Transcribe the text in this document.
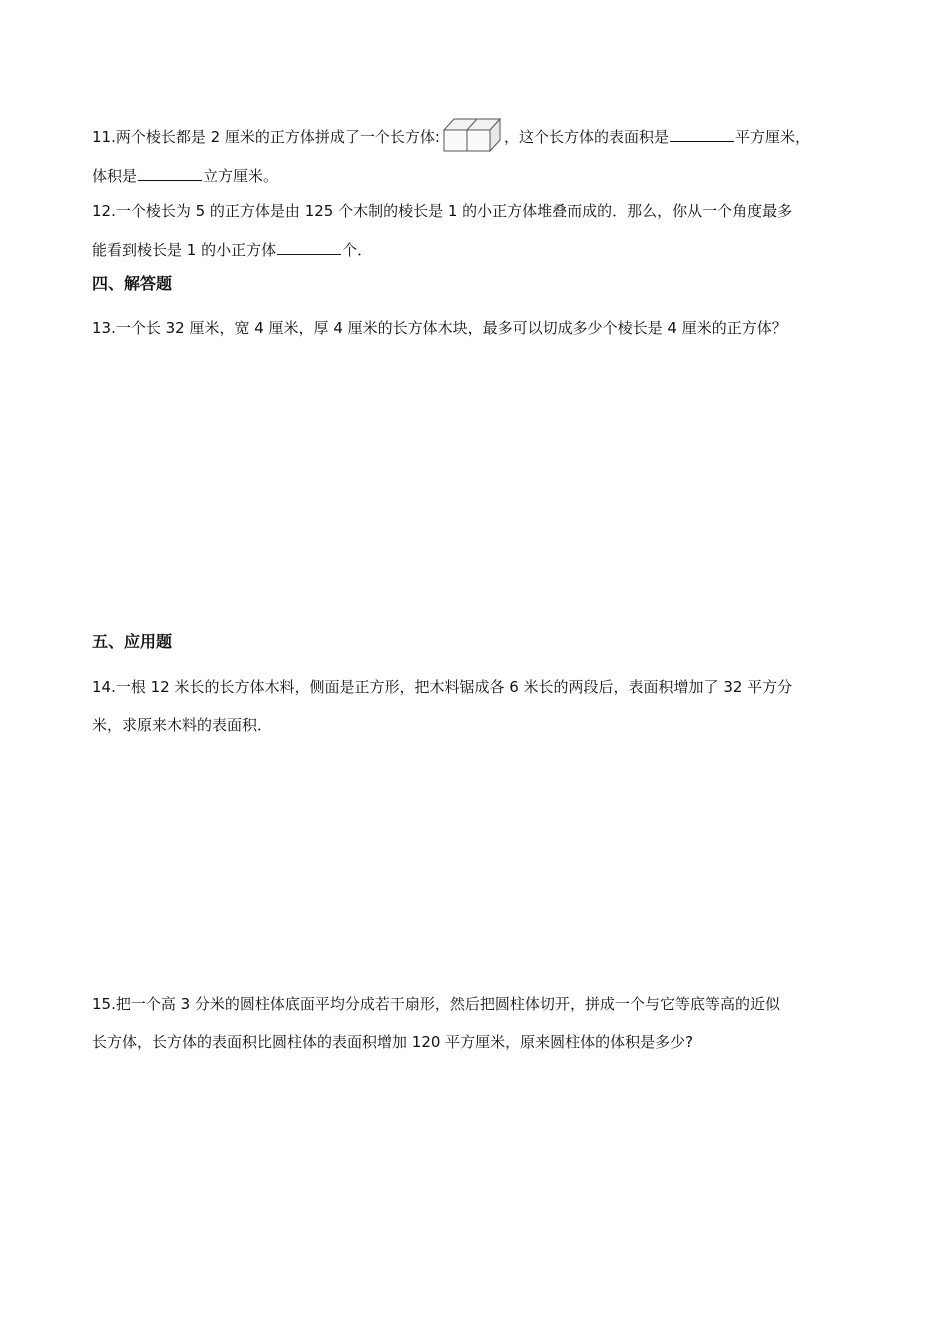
11.两个棱长都是 2 厘米的正方体拼成了一个长方体:	，这个长方体的表面积是	平方厘米，
体积是	立方厘米。
12.一个棱长为 5 的正方体是由 125 个木制的棱长是 1 的小正方体堆叠而成的．那么，你从一个角度最多
能看到棱长是 1 的小正方体	个．
四、解答题
13.一个长 32 厘米，宽 4 厘米，厚 4 厘米的长方体木块，最多可以切成多少个棱长是 4 厘米的正方体？
五、应用题
14.一根 12 米长的长方体木料，侧面是正方形，把木料锯成各 6 米长的两段后，表面积增加了 32 平方分
米，求原来木料的表面积．
15.把一个高 3 分米的圆柱体底面平均分成若干扇形，然后把圆柱体切开，拼成一个与它等底等高的近似
长方体，长方体的表面积比圆柱体的表面积增加 120 平方厘米，原来圆柱体的体积是多少?
